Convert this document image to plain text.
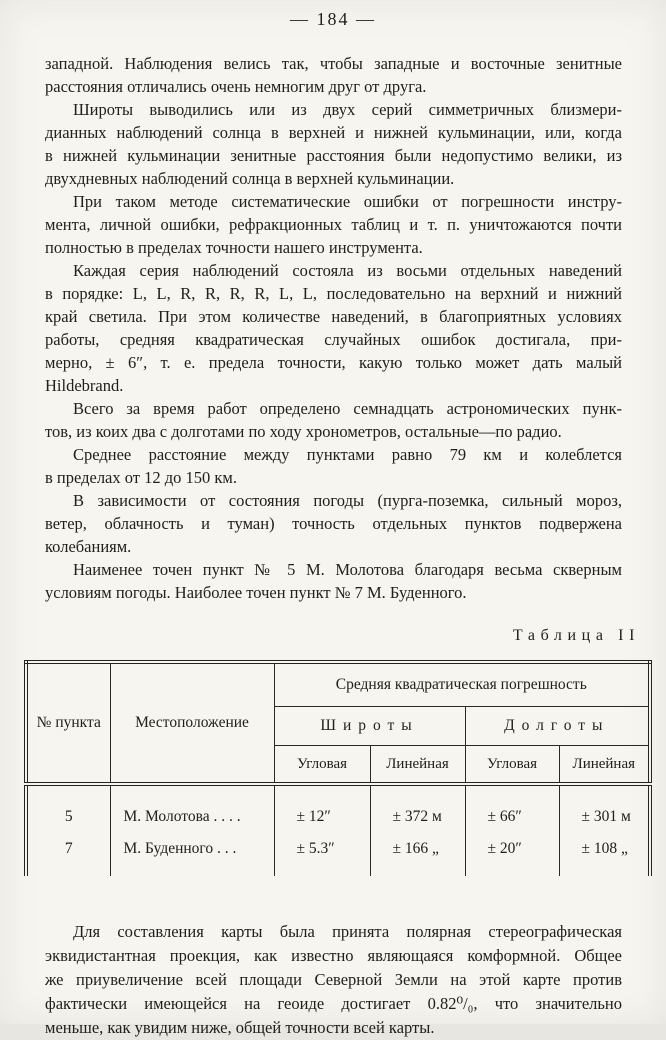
— 184 —
западной. Наблюдения велись так, чтобы западные и восточные зенитные
расстояния отличались очень немногим друг от друга.
Широты выводились или из двух серий симметричных близмери-
дианных наблюдений солнца в верхней и нижней кульминации, или, когда
в нижней кульминации зенитные расстояния были недопустимо велики, из
двухдневных наблюдений солнца в верхней кульминации.
При таком методе систематические ошибки от погрешности инстру-
мента, личной ошибки, рефракционных таблиц и т. п. уничтожаются почти
полностью в пределах точности нашего инструмента.
Каждая серия наблюдений состояла из восьми отдельных наведений
в порядке: L, L, R, R, R, R, L, L, последовательно на верхний и нижний
край светила. При этом количестве наведений, в благоприятных условиях
работы, средняя квадратическая случайных ошибок достигала, при-
мерно, ± 6″, т. е. предела точности, какую только может дать малый
Hildebrand.
Всего за время работ определено семнадцать астрономических пунк-
тов, из коих два с долготами по ходу хронометров, остальные—по радио.
Среднее расстояние между пунктами равно 79 км и колеблется
в пределах от 12 до 150 км.
В зависимости от состояния погоды (пурга-поземка, сильный мороз,
ветер, облачность и туман) точность отдельных пунктов подвержена
колебаниям.
Наименее точен пункт № 5 М. Молотова благодаря весьма скверным
условиям погоды. Наиболее точен пункт № 7 М. Буденного.
Таблица II
№ пункта	Местоположение	Средняя квадратическая погрешность			
		Широты		Долготы	
		Угловая	Линейная	Угловая	Линейная
5	М. Молотова . . . .	± 12″	± 372 м	± 66″	± 301 м
7	М. Буденного . . .	± 5.3″	± 166 „	± 20″	± 108 „
Для составления карты была принята полярная стереографическая
эквидистантная проекция, как известно являющаяся комформной. Общее
же приувеличение всей площади Северной Земли на этой карте против
фактически имеющейся на геоиде достигает 0.82⁰/₀, что значительно
меньше, как увидим ниже, общей точности всей карты.
